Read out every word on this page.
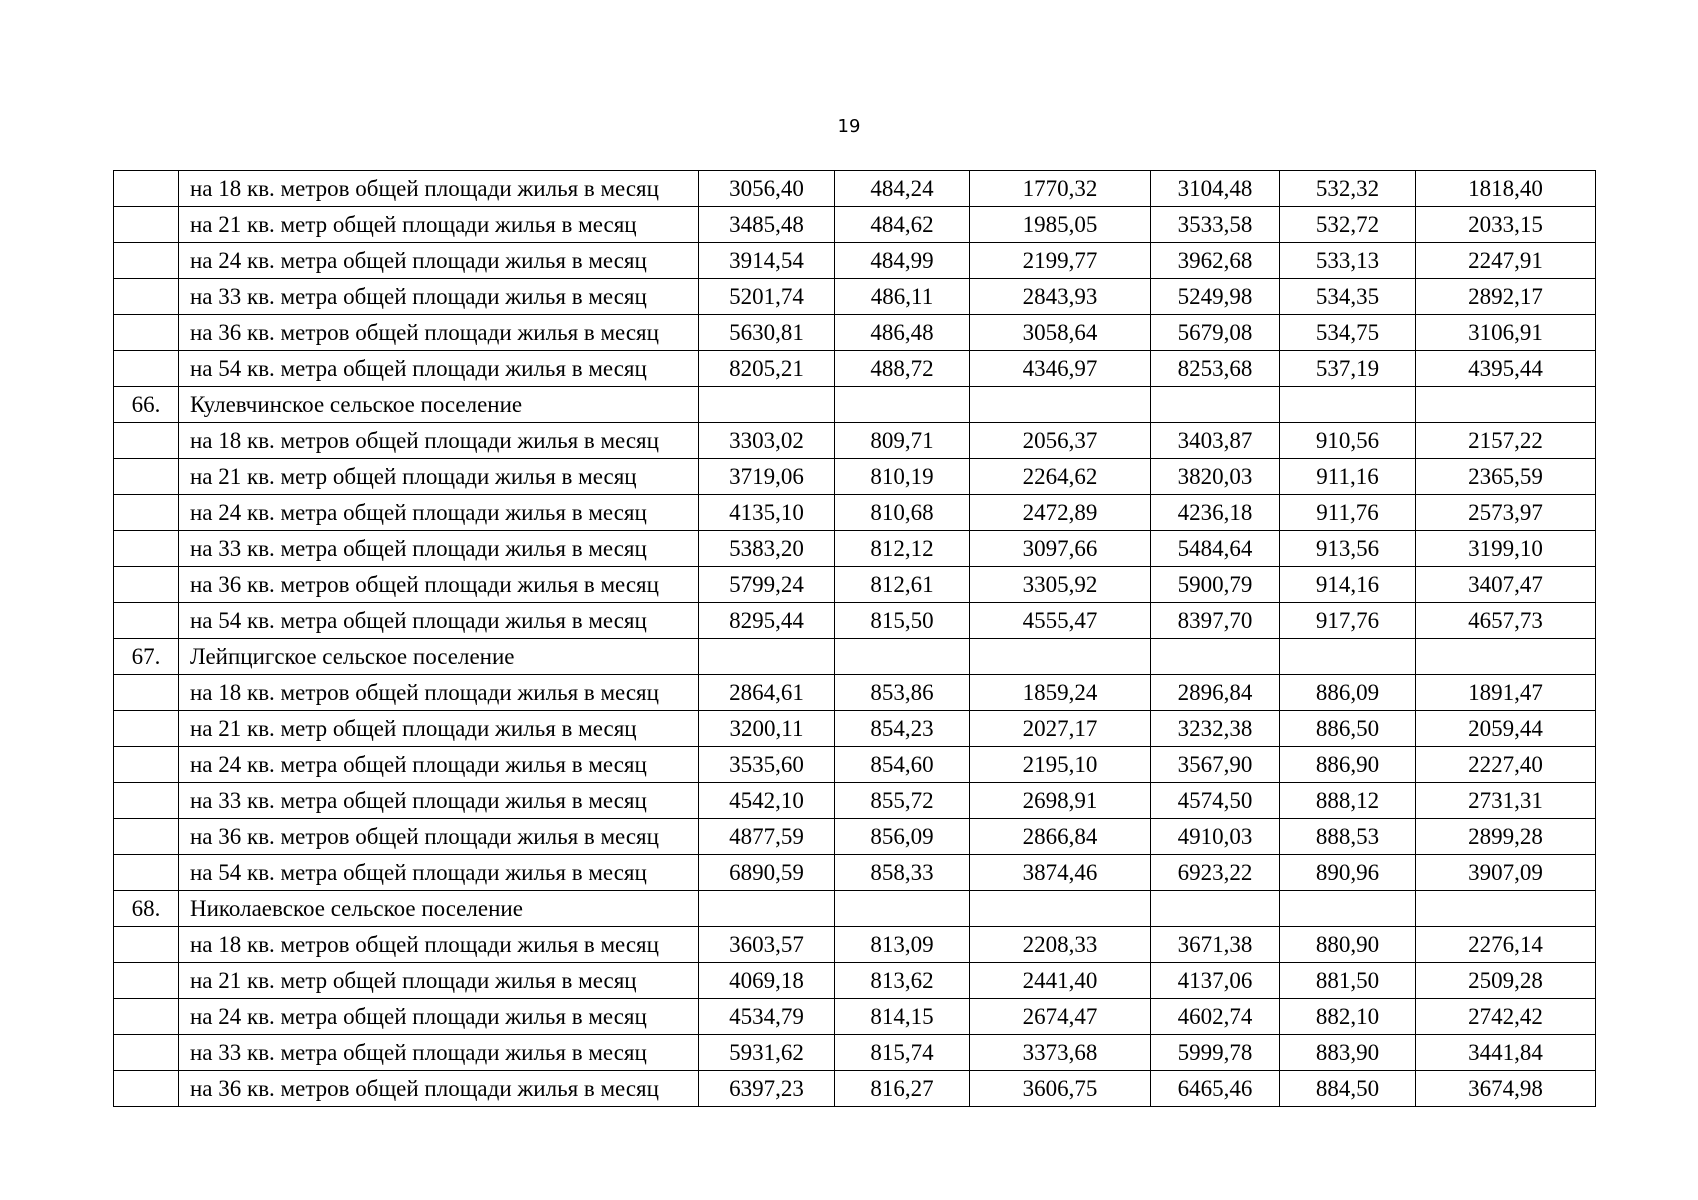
19
	на 18 кв. метров общей площади жилья в месяц	3056,40	484,24	1770,32	3104,48	532,32	1818,40
	на 21 кв. метр общей площади жилья в месяц	3485,48	484,62	1985,05	3533,58	532,72	2033,15
	на 24 кв. метра общей площади жилья в месяц	3914,54	484,99	2199,77	3962,68	533,13	2247,91
	на 33 кв. метра общей площади жилья в месяц	5201,74	486,11	2843,93	5249,98	534,35	2892,17
	на 36 кв. метров общей площади жилья в месяц	5630,81	486,48	3058,64	5679,08	534,75	3106,91
	на 54 кв. метра общей площади жилья в месяц	8205,21	488,72	4346,97	8253,68	537,19	4395,44
66.	Кулевчинское сельское поселение						
	на 18 кв. метров общей площади жилья в месяц	3303,02	809,71	2056,37	3403,87	910,56	2157,22
	на 21 кв. метр общей площади жилья в месяц	3719,06	810,19	2264,62	3820,03	911,16	2365,59
	на 24 кв. метра общей площади жилья в месяц	4135,10	810,68	2472,89	4236,18	911,76	2573,97
	на 33 кв. метра общей площади жилья в месяц	5383,20	812,12	3097,66	5484,64	913,56	3199,10
	на 36 кв. метров общей площади жилья в месяц	5799,24	812,61	3305,92	5900,79	914,16	3407,47
	на 54 кв. метра общей площади жилья в месяц	8295,44	815,50	4555,47	8397,70	917,76	4657,73
67.	Лейпцигское сельское поселение						
	на 18 кв. метров общей площади жилья в месяц	2864,61	853,86	1859,24	2896,84	886,09	1891,47
	на 21 кв. метр общей площади жилья в месяц	3200,11	854,23	2027,17	3232,38	886,50	2059,44
	на 24 кв. метра общей площади жилья в месяц	3535,60	854,60	2195,10	3567,90	886,90	2227,40
	на 33 кв. метра общей площади жилья в месяц	4542,10	855,72	2698,91	4574,50	888,12	2731,31
	на 36 кв. метров общей площади жилья в месяц	4877,59	856,09	2866,84	4910,03	888,53	2899,28
	на 54 кв. метра общей площади жилья в месяц	6890,59	858,33	3874,46	6923,22	890,96	3907,09
68.	Николаевское сельское поселение						
	на 18 кв. метров общей площади жилья в месяц	3603,57	813,09	2208,33	3671,38	880,90	2276,14
	на 21 кв. метр общей площади жилья в месяц	4069,18	813,62	2441,40	4137,06	881,50	2509,28
	на 24 кв. метра общей площади жилья в месяц	4534,79	814,15	2674,47	4602,74	882,10	2742,42
	на 33 кв. метра общей площади жилья в месяц	5931,62	815,74	3373,68	5999,78	883,90	3441,84
	на 36 кв. метров общей площади жилья в месяц	6397,23	816,27	3606,75	6465,46	884,50	3674,98
